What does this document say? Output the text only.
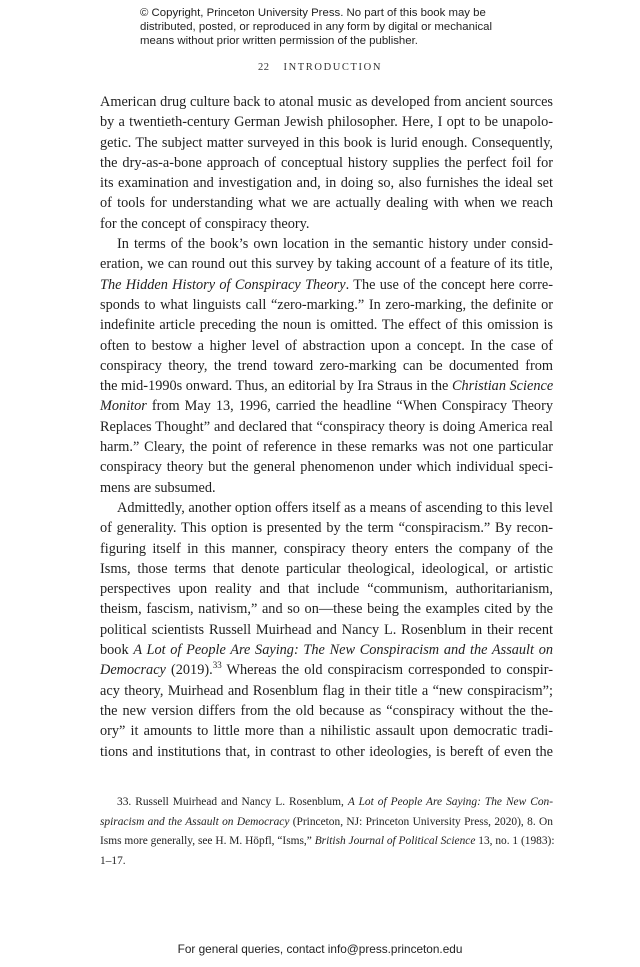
© Copyright, Princeton University Press. No part of this book may be
distributed, posted, or reproduced in any form by digital or mechanical
means without prior written permission of the publisher.
22 INTRODUCTION
American drug culture back to atonal music as developed from ancient sources
by a twentieth-century German Jewish philosopher. Here, I opt to be unapolo-
getic. The subject matter surveyed in this book is lurid enough. Consequently,
the dry-as-a-bone approach of conceptual history supplies the perfect foil for
its examination and investigation and, in doing so, also furnishes the ideal set
of tools for understanding what we are actually dealing with when we reach
for the concept of conspiracy theory.
In terms of the book’s own location in the semantic history under consid-
eration, we can round out this survey by taking account of a feature of its title,
The Hidden History of Conspiracy Theory. The use of the concept here corre-
sponds to what linguists call “zero-marking.” In zero-marking, the definite or
indefinite article preceding the noun is omitted. The effect of this omission is
often to bestow a higher level of abstraction upon a concept. In the case of
conspiracy theory, the trend toward zero-marking can be documented from
the mid-1990s onward. Thus, an editorial by Ira Straus in the Christian Science
Monitor from May 13, 1996, carried the headline “When Conspiracy Theory
Replaces Thought” and declared that “conspiracy theory is doing America real
harm.” Cleary, the point of reference in these remarks was not one particular
conspiracy theory but the general phenomenon under which individual speci-
mens are subsumed.
Admittedly, another option offers itself as a means of ascending to this level
of generality. This option is presented by the term “conspiracism.” By recon-
figuring itself in this manner, conspiracy theory enters the company of the
Isms, those terms that denote particular theological, ideological, or artistic
perspectives upon reality and that include “communism, authoritarianism,
theism, fascism, nativism,” and so on—these being the examples cited by the
political scientists Russell Muirhead and Nancy L. Rosenblum in their recent
book A Lot of People Are Saying: The New Conspiracism and the Assault on
Democracy (2019).$^{33}$ Whereas the old conspiracism corresponded to conspir-
acy theory, Muirhead and Rosenblum flag in their title a “new conspiracism”;
the new version differs from the old because as “conspiracy without the the-
ory” it amounts to little more than a nihilistic assault upon democratic tradi-
tions and institutions that, in contrast to other ideologies, is bereft of even the
33. Russell Muirhead and Nancy L. Rosenblum, A Lot of People Are Saying: The New Con-
spiracism and the Assault on Democracy (Princeton, NJ: Princeton University Press, 2020), 8. On
Isms more generally, see H. M. Höpfl, “Isms,” British Journal of Political Science 13, no. 1 (1983):
1–17.
For general queries, contact info@press.princeton.edu
